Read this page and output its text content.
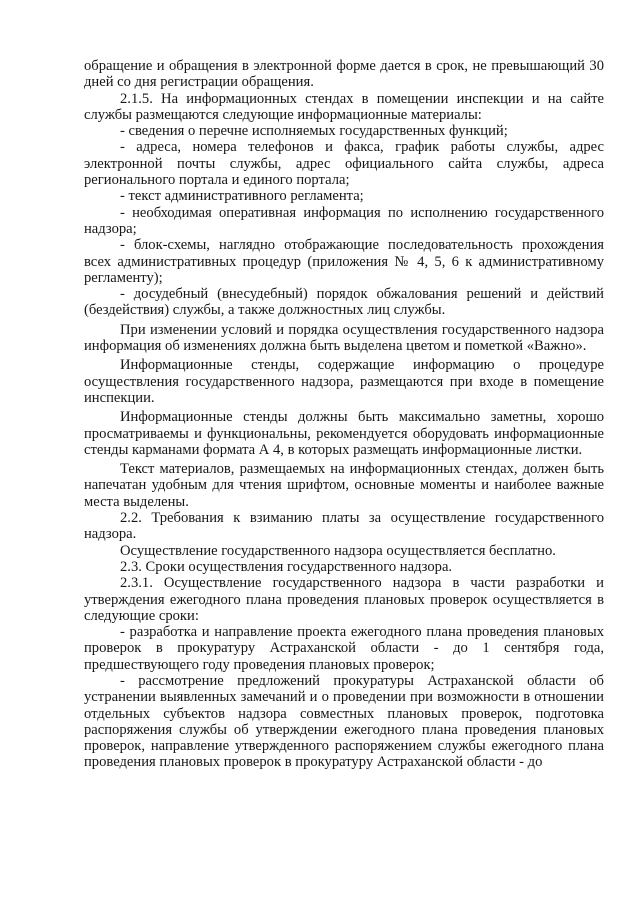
обращение и обращения в электронной форме дается в срок, не превышающий 30 дней со дня регистрации обращения.

2.1.5. На информационных стендах в помещении инспекции и на сайте службы размещаются следующие информационные материалы:

- сведения о перечне исполняемых государственных функций;

- адреса, номера телефонов и факса, график работы службы, адрес электронной почты службы, адрес официального сайта службы, адреса регионального портала и единого портала;

- текст административного регламента;

- необходимая оперативная информация по исполнению государственного надзора;

- блок-схемы, наглядно отображающие последовательность прохождения всех административных процедур (приложения № 4, 5, 6 к административному регламенту);

- досудебный (внесудебный) порядок обжалования решений и действий (бездействия) службы, а также должностных лиц службы.

При изменении условий и порядка осуществления государственного надзора информация об изменениях должна быть выделена цветом и пометкой «Важно».

Информационные стенды, содержащие информацию о процедуре осуществления государственного надзора, размещаются при входе в помещение инспекции.

Информационные стенды должны быть максимально заметны, хорошо просматриваемы и функциональны, рекомендуется оборудовать информационные стенды карманами формата А 4, в которых размещать информационные листки.

Текст материалов, размещаемых на информационных стендах, должен быть напечатан удобным для чтения шрифтом, основные моменты и наиболее важные места выделены.

2.2. Требования к взиманию платы за осуществление государственного надзора.

Осуществление государственного надзора осуществляется бесплатно.

2.3. Сроки осуществления государственного надзора.

2.3.1. Осуществление государственного надзора в части разработки и утверждения ежегодного плана проведения плановых проверок осуществляется в следующие сроки:

- разработка и направление проекта ежегодного плана проведения плановых проверок в прокуратуру Астраханской области - до 1 сентября года, предшествующего году проведения плановых проверок;

- рассмотрение предложений прокуратуры Астраханской области об устранении выявленных замечаний и о проведении при возможности в отношении отдельных субъектов надзора совместных плановых проверок, подготовка распоряжения службы об утверждении ежегодного плана проведения плановых проверок, направление утвержденного распоряжением службы ежегодного плана проведения плановых проверок в прокуратуру Астраханской области - до
